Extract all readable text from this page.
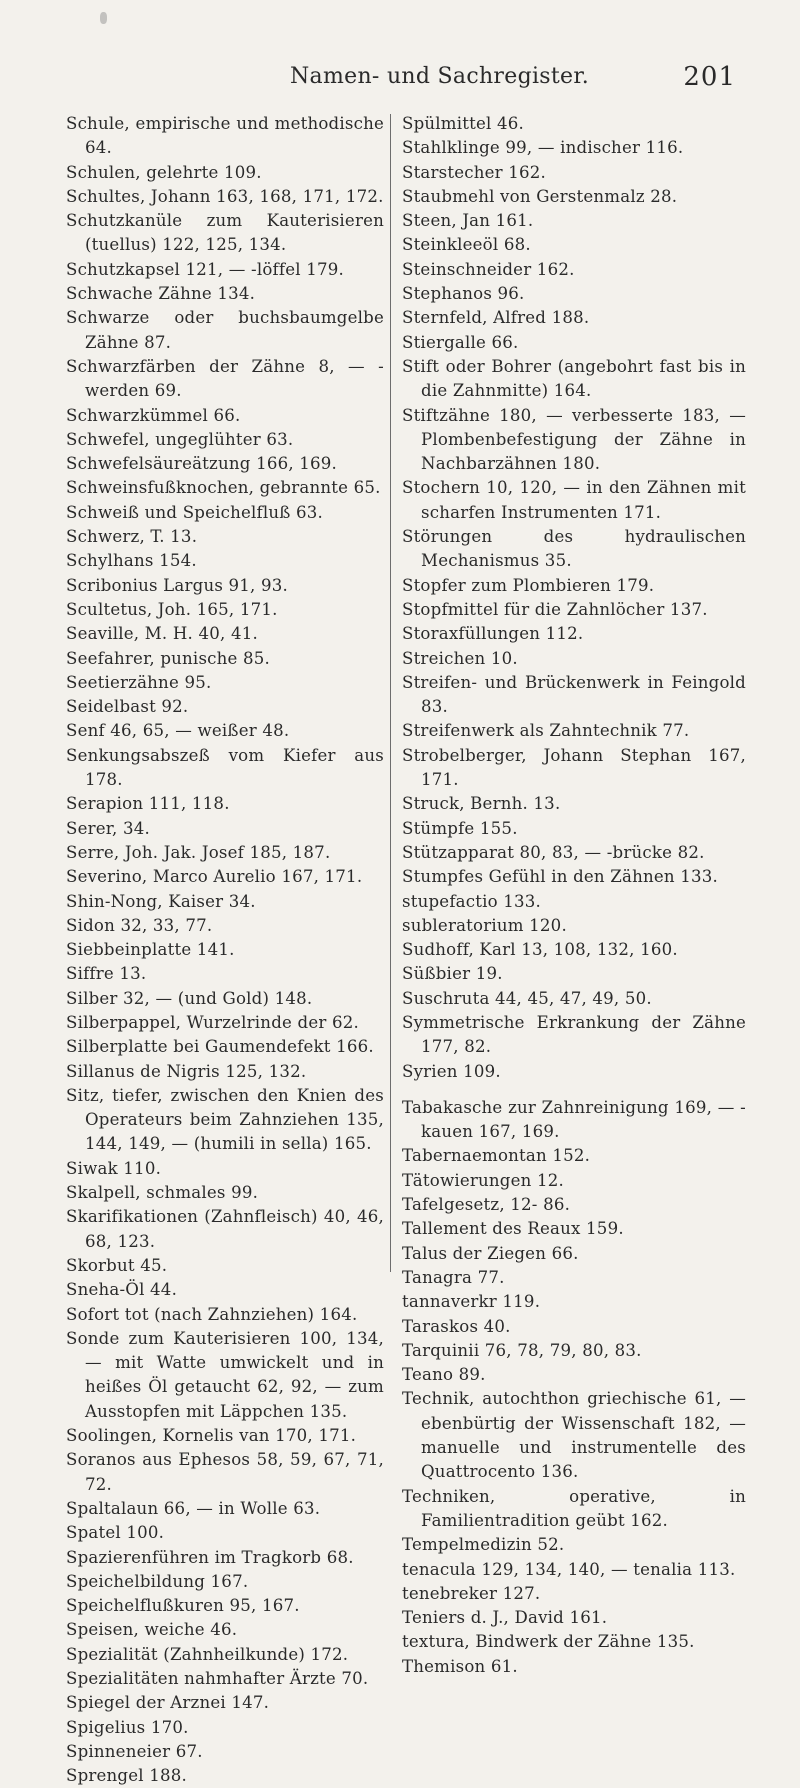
Namen- und Sachregister.	201
Schule, empirische und methodische 64.
Schulen, gelehrte 109.
Schultes, Johann 163, 168, 171, 172.
Schutzkanüle zum Kauterisieren (tuellus) 122, 125, 134.
Schutzkapsel 121, — -löffel 179.
Schwache Zähne 134.
Schwarze oder buchsbaumgelbe Zähne 87.
Schwarzfärben der Zähne 8, — -werden 69.
Schwarzkümmel 66.
Schwefel, ungeglühter 63.
Schwefelsäureätzung 166, 169.
Schweinsfußknochen, gebrannte 65.
Schweiß und Speichelfluß 63.
Schwerz, T. 13.
Schylhans 154.
Scribonius Largus 91, 93.
Scultetus, Joh. 165, 171.
Seaville, M. H. 40, 41.
Seefahrer, punische 85.
Seetierzähne 95.
Seidelbast 92.
Senf 46, 65, — weißer 48.
Senkungsabszeß vom Kiefer aus 178.
Serapion 111, 118.
Serer, 34.
Serre, Joh. Jak. Josef 185, 187.
Severino, Marco Aurelio 167, 171.
Shin-Nong, Kaiser 34.
Sidon 32, 33, 77.
Siebbeinplatte 141.
Siffre 13.
Silber 32, — (und Gold) 148.
Silberpappel, Wurzelrinde der 62.
Silberplatte bei Gaumendefekt 166.
Sillanus de Nigris 125, 132.
Sitz, tiefer, zwischen den Knien des Operateurs beim Zahnziehen 135, 144, 149, — (humili in sella) 165.
Siwak 110.
Skalpell, schmales 99.
Skarifikationen (Zahnfleisch) 40, 46, 68, 123.
Skorbut 45.
Sneha-Öl 44.
Sofort tot (nach Zahnziehen) 164.
Sonde zum Kauterisieren 100, 134, — mit Watte umwickelt und in heißes Öl getaucht 62, 92, — zum Ausstopfen mit Läppchen 135.
Soolingen, Kornelis van 170, 171.
Soranos aus Ephesos 58, 59, 67, 71, 72.
Spaltalaun 66, — in Wolle 63.
Spatel 100.
Spazierenführen im Tragkorb 68.
Speichelbildung 167.
Speichelflußkuren 95, 167.
Speisen, weiche 46.
Spezialität (Zahnheilkunde) 172.
Spezialitäten nahmhafter Ärzte 70.
Spiegel der Arznei 147.
Spigelius 170.
Spinneneier 67.
Sprengel 188.
Spülmittel 46.
Stahlklinge 99, — indischer 116.
Starstecher 162.
Staubmehl von Gerstenmalz 28.
Steen, Jan 161.
Steinkleeöl 68.
Steinschneider 162.
Stephanos 96.
Sternfeld, Alfred 188.
Stiergalle 66.
Stift oder Bohrer (angebohrt fast bis in die Zahnmitte) 164.
Stiftzähne 180, — verbesserte 183, — Plombenbefestigung der Zähne in Nachbarzähnen 180.
Stochern 10, 120, — in den Zähnen mit scharfen Instrumenten 171.
Störungen des hydraulischen Mechanismus 35.
Stopfer zum Plombieren 179.
Stopfmittel für die Zahnlöcher 137.
Storaxfüllungen 112.
Streichen 10.
Streifen- und Brückenwerk in Feingold 83.
Streifenwerk als Zahntechnik 77.
Strobelberger, Johann Stephan 167, 171.
Struck, Bernh. 13.
Stümpfe 155.
Stützapparat 80, 83, — -brücke 82.
Stumpfes Gefühl in den Zähnen 133.
stupefactio 133.
subleratorium 120.
Sudhoff, Karl 13, 108, 132, 160.
Süßbier 19.
Suschruta 44, 45, 47, 49, 50.
Symmetrische Erkrankung der Zähne 177, 82.
Syrien 109.
Tabakasche zur Zahnreinigung 169, — -kauen 167, 169.
Tabernaemontan 152.
Tätowierungen 12.
Tafelgesetz, 12- 86.
Tallement des Reaux 159.
Talus der Ziegen 66.
Tanagra 77.
tannaverkr 119.
Taraskos 40.
Tarquinii 76, 78, 79, 80, 83.
Teano 89.
Technik, autochthon griechische 61, — ebenbürtig der Wissenschaft 182, — manuelle und instrumentelle des Quattrocento 136.
Techniken, operative, in Familientradition geübt 162.
Tempelmedizin 52.
tenacula 129, 134, 140, — tenalia 113.
tenebreker 127.
Teniers d. J., David 161.
textura, Bindwerk der Zähne 135.
Themison 61.
